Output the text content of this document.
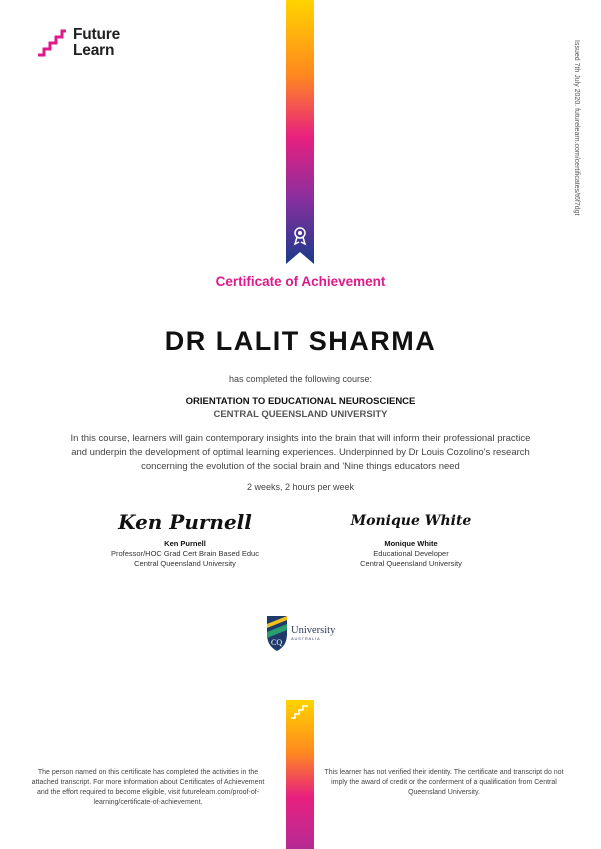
Future
Learn	Issued 7th July 2020. futurelearn.com/certificates/t6f7dgt
Certificate of Achievement
DR LALIT SHARMA
has completed the following course:
ORIENTATION TO EDUCATIONAL NEUROSCIENCE
CENTRAL QUEENSLAND UNIVERSITY
In this course, learners will gain contemporary insights into the brain that will inform their professional practice and underpin the development of optimal learning experiences. Underpinned by Dr Louis Cozolino's research concerning the evolution of the social brain and 'Nine things educators need
2 weeks, 2 hours per week
Ken Purnell
Ken Purnell
Professor/HOC Grad Cert Brain Based Educ
Central Queensland University
Monique White
Monique White
Educational Developer
Central Queensland University
CQ
University
AUSTRALIA
The person named on this certificate has completed the activities in the attached transcript. For more information about Certificates of Achievement and the effort required to become eligible, visit futurelearn.com/proof-of-learning/certificate-of-achievement.
This learner has not verified their identity. The certificate and transcript do not imply the award of credit or the conferment of a qualification from Central Queensland University.
